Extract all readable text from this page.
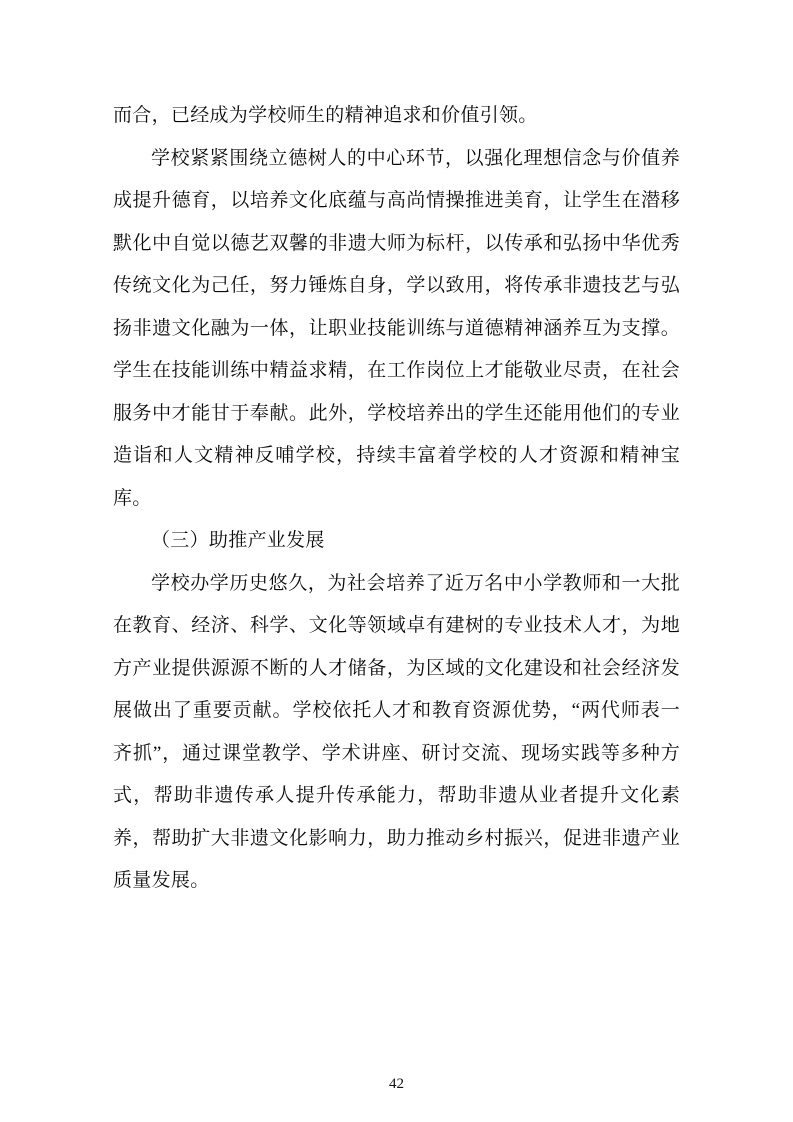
而合，已经成为学校师生的精神追求和价值引领。

学校紧紧围绕立德树人的中心环节，以强化理想信念与价值养成提升德育，以培养文化底蕴与高尚情操推进美育，让学生在潜移默化中自觉以德艺双馨的非遗大师为标杆，以传承和弘扬中华优秀传统文化为己任，努力锤炼自身，学以致用，将传承非遗技艺与弘扬非遗文化融为一体，让职业技能训练与道德精神涵养互为支撑。学生在技能训练中精益求精，在工作岗位上才能敬业尽责，在社会服务中才能甘于奉献。此外，学校培养出的学生还能用他们的专业造诣和人文精神反哺学校，持续丰富着学校的人才资源和精神宝库。

（三）助推产业发展

学校办学历史悠久，为社会培养了近万名中小学教师和一大批在教育、经济、科学、文化等领域卓有建树的专业技术人才，为地方产业提供源源不断的人才储备，为区域的文化建设和社会经济发展做出了重要贡献。学校依托人才和教育资源优势，“两代师表一齐抓”，通过课堂教学、学术讲座、研讨交流、现场实践等多种方式，帮助非遗传承人提升传承能力，帮助非遗从业者提升文化素养，帮助扩大非遗文化影响力，助力推动乡村振兴，促进非遗产业质量发展。

42
